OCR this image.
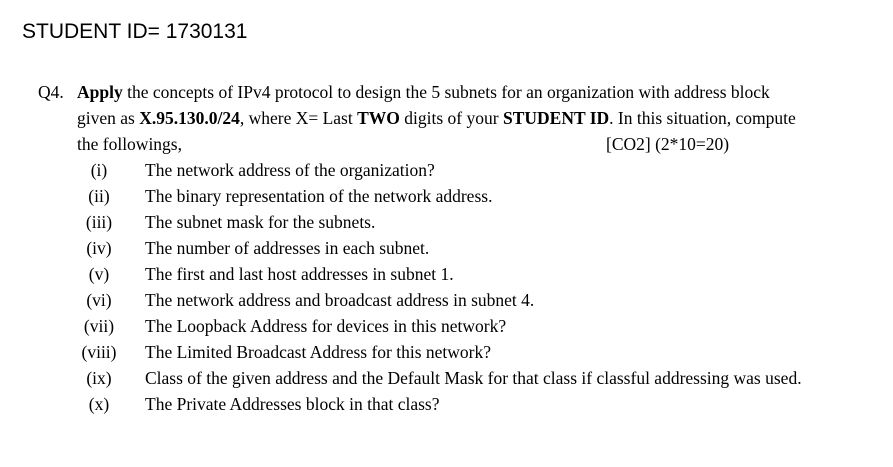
STUDENT ID= 1730131
Q4. Apply the concepts of IPv4 protocol to design the 5 subnets for an organization with address block
given as X.95.130.0/24, where X= Last TWO digits of your STUDENT ID. In this situation, compute
the followings,	[CO2] (2*10=20)
(i)	The network address of the organization?
(ii)	The binary representation of the network address.
(iii)	The subnet mask for the subnets.
(iv)	The number of addresses in each subnet.
(v)	The first and last host addresses in subnet 1.
(vi)	The network address and broadcast address in subnet 4.
(vii)	The Loopback Address for devices in this network?
(viii) The Limited Broadcast Address for this network?
(ix)	Class of the given address and the Default Mask for that class if classful addressing was used.
(x)	The Private Addresses block in that class?
